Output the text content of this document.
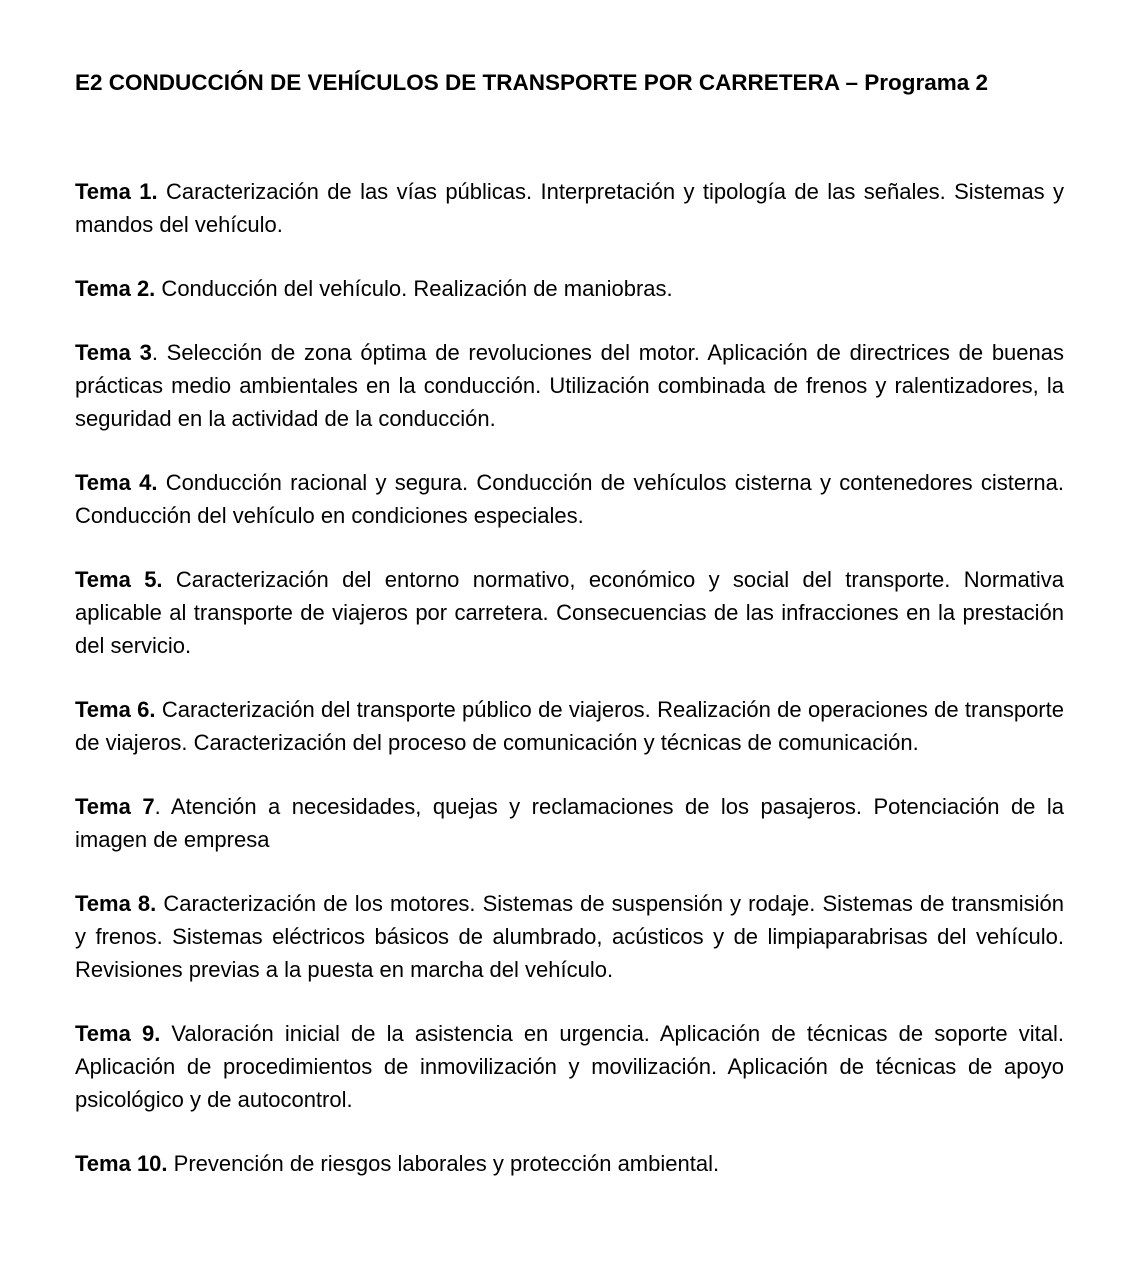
E2 CONDUCCIÓN DE VEHÍCULOS DE TRANSPORTE POR CARRETERA – Programa 2

Tema 1. Caracterización de las vías públicas. Interpretación y tipología de las señales. Sistemas y mandos del vehículo.

Tema 2. Conducción del vehículo. Realización de maniobras.

Tema 3. Selección de zona óptima de revoluciones del motor. Aplicación de directrices de buenas prácticas medio ambientales en la conducción. Utilización combinada de frenos y ralentizadores, la seguridad en la actividad de la conducción.

Tema 4. Conducción racional y segura. Conducción de vehículos cisterna y contenedores cisterna. Conducción del vehículo en condiciones especiales.

Tema 5. Caracterización del entorno normativo, económico y social del transporte. Normativa aplicable al transporte de viajeros por carretera. Consecuencias de las infracciones en la prestación del servicio.

Tema 6. Caracterización del transporte público de viajeros. Realización de operaciones de transporte de viajeros. Caracterización del proceso de comunicación y técnicas de comunicación.

Tema 7. Atención a necesidades, quejas y reclamaciones de los pasajeros. Potenciación de la imagen de empresa

Tema 8. Caracterización de los motores. Sistemas de suspensión y rodaje. Sistemas de transmisión y frenos. Sistemas eléctricos básicos de alumbrado, acústicos y de limpiaparabrisas del vehículo. Revisiones previas a la puesta en marcha del vehículo.

Tema 9. Valoración inicial de la asistencia en urgencia. Aplicación de técnicas de soporte vital. Aplicación de procedimientos de inmovilización y movilización. Aplicación de técnicas de apoyo psicológico y de autocontrol.

Tema 10. Prevención de riesgos laborales y protección ambiental.
